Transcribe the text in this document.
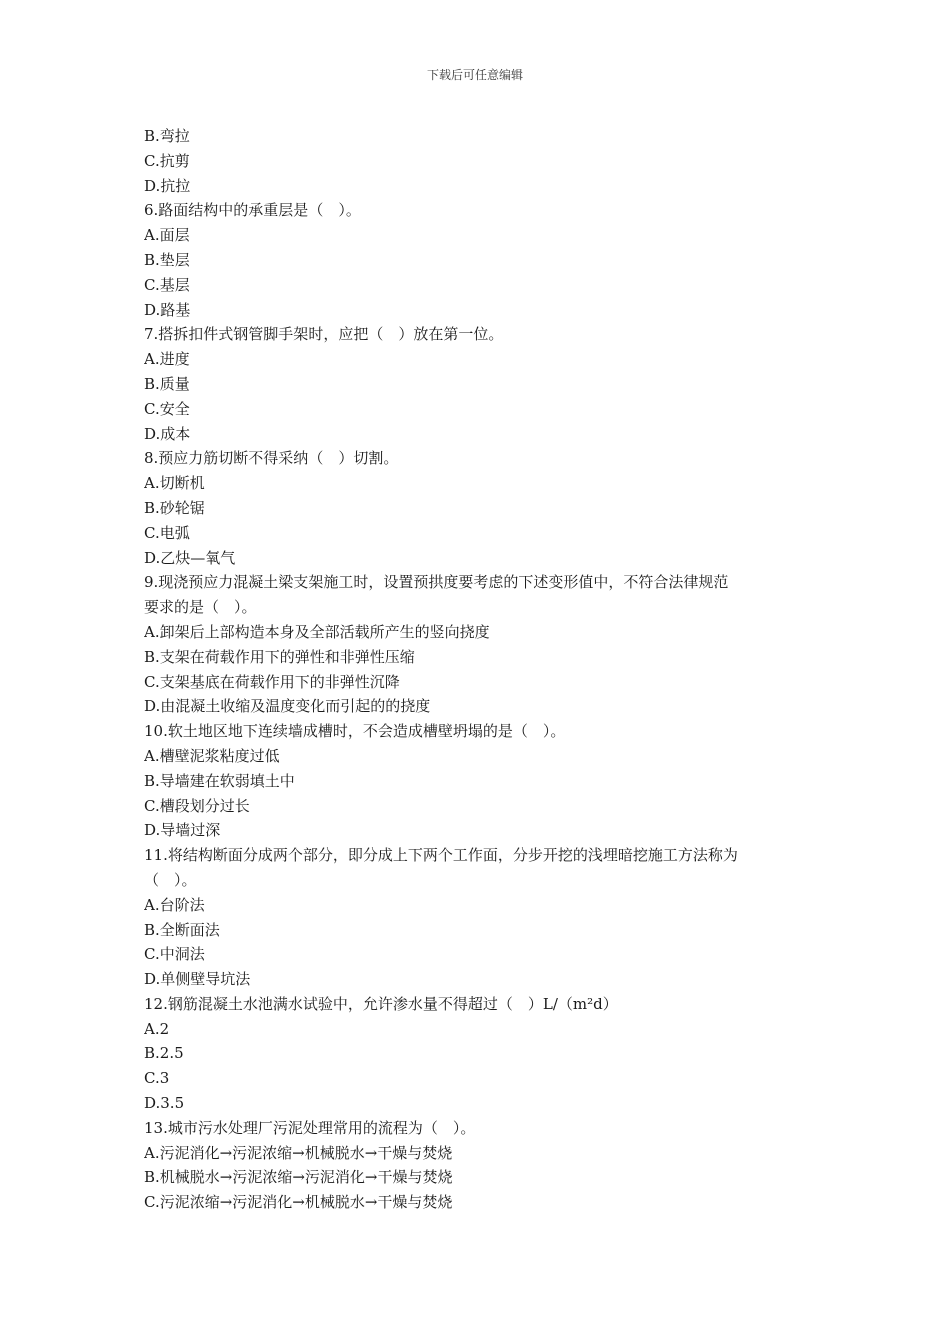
下载后可任意编辑
B.弯拉
C.抗剪
D.抗拉
6.路面结构中的承重层是（　）。
A.面层
B.垫层
C.基层
D.路基
7.搭拆扣件式钢管脚手架时，应把（　）放在第一位。
A.进度
B.质量
C.安全
D.成本
8.预应力筋切断不得采纳（　）切割。
A.切断机
B.砂轮锯
C.电弧
D.乙炔—氧气
9.现浇预应力混凝土梁支架施工时，设置预拱度要考虑的下述变形值中，不符合法律规范
要求的是（　）。
A.卸架后上部构造本身及全部活载所产生的竖向挠度
B.支架在荷载作用下的弹性和非弹性压缩
C.支架基底在荷载作用下的非弹性沉降
D.由混凝土收缩及温度变化而引起的的挠度
10.软土地区地下连续墙成槽时，不会造成槽壁坍塌的是（　）。
A.槽壁泥浆粘度过低
B.导墙建在软弱填土中
C.槽段划分过长
D.导墙过深
11.将结构断面分成两个部分，即分成上下两个工作面，分步开挖的浅埋暗挖施工方法称为
（　）。
A.台阶法
B.全断面法
C.中洞法
D.单侧壁导坑法
12.钢筋混凝土水池满水试验中，允许渗水量不得超过（　）L/（m²d）
A.2
B.2.5
C.3
D.3.5
13.城市污水处理厂污泥处理常用的流程为（　）。
A.污泥消化→污泥浓缩→机械脱水→干燥与焚烧
B.机械脱水→污泥浓缩→污泥消化→干燥与焚烧
C.污泥浓缩→污泥消化→机械脱水→干燥与焚烧
